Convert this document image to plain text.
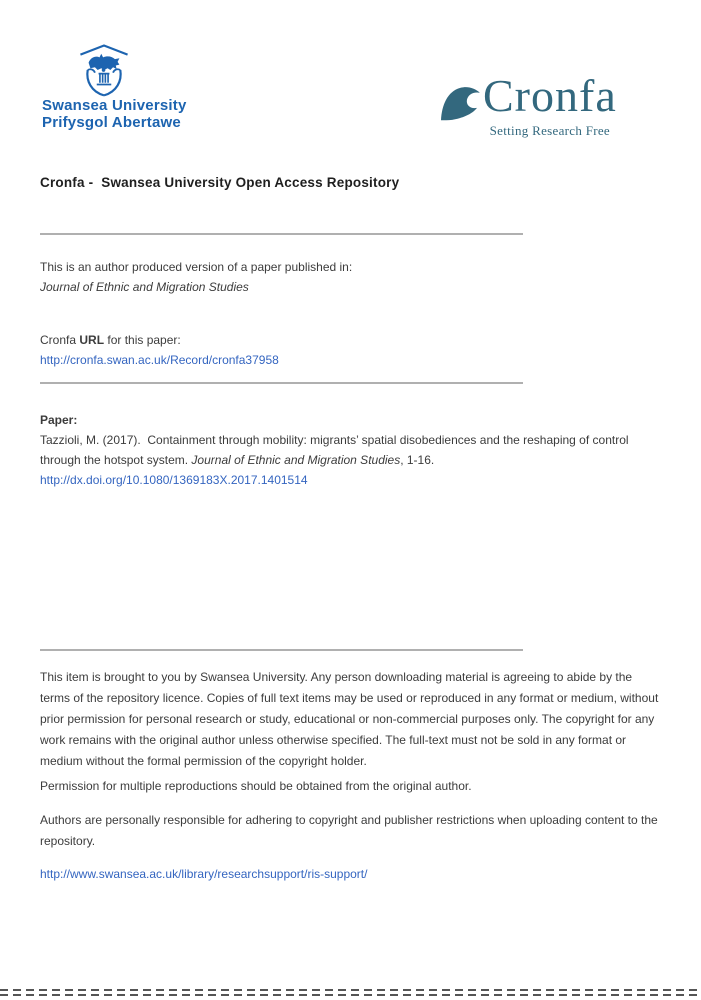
Swansea University
Prifysgol Abertawe
Cronfa
Setting Research Free
Cronfa -  Swansea University Open Access Repository
This is an author produced version of a paper published in:
Journal of Ethnic and Migration Studies
Cronfa URL for this paper:
http://cronfa.swan.ac.uk/Record/cronfa37958
Paper:
Tazzioli, M. (2017).  Containment through mobility: migrants’ spatial disobediences and the reshaping of control through the hotspot system. Journal of Ethnic and Migration Studies, 1-16.
http://dx.doi.org/10.1080/1369183X.2017.1401514
This item is brought to you by Swansea University. Any person downloading material is agreeing to abide by the terms of the repository licence. Copies of full text items may be used or reproduced in any format or medium, without prior permission for personal research or study, educational or non-commercial purposes only. The copyright for any work remains with the original author unless otherwise specified. The full-text must not be sold in any format or medium without the formal permission of the copyright holder.
Permission for multiple reproductions should be obtained from the original author.
Authors are personally responsible for adhering to copyright and publisher restrictions when uploading content to the repository.
http://www.swansea.ac.uk/library/researchsupport/ris-support/
